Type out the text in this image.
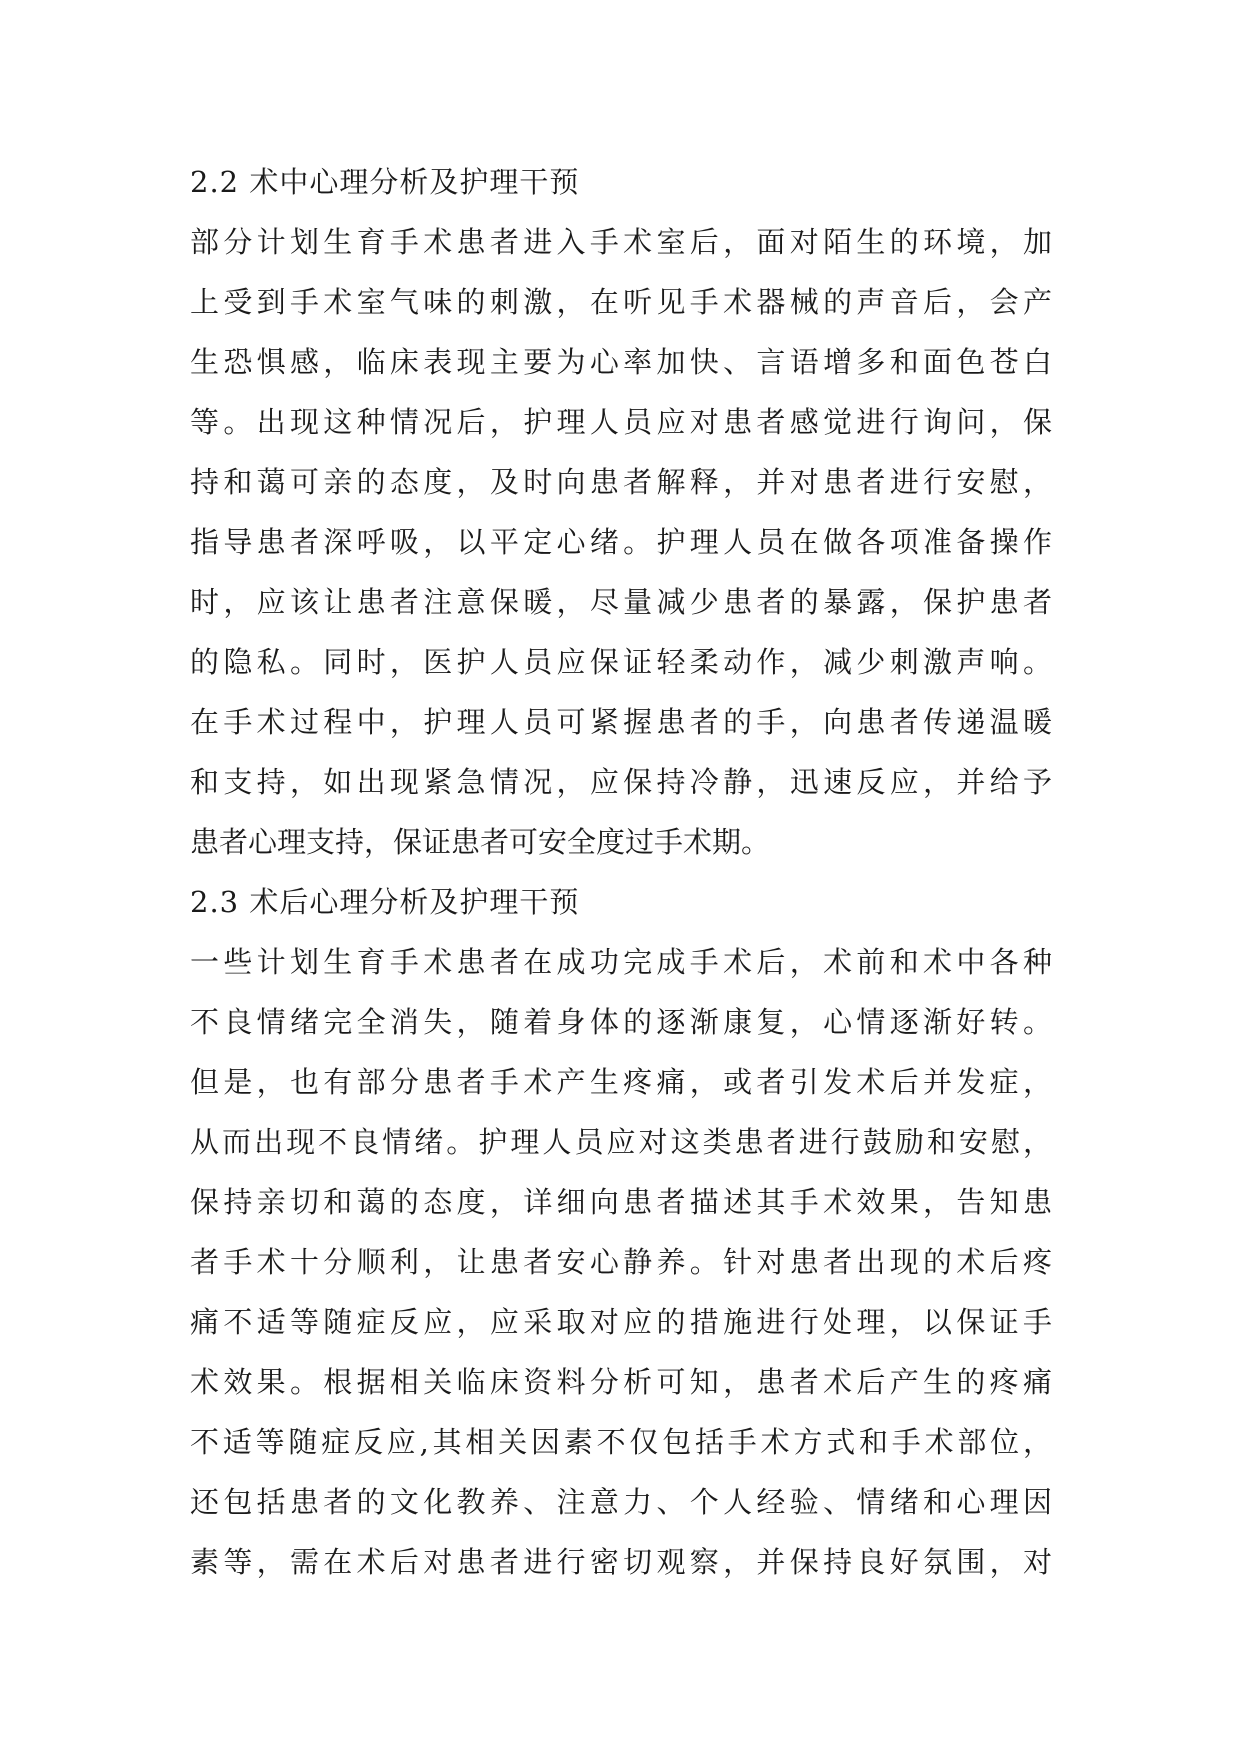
2.2 术中心理分析及护理干预
部分计划生育手术患者进入手术室后，面对陌生的环境，加
上受到手术室气味的刺激，在听见手术器械的声音后，会产
生恐惧感，临床表现主要为心率加快、言语增多和面色苍白
等。出现这种情况后，护理人员应对患者感觉进行询问，保
持和蔼可亲的态度，及时向患者解释，并对患者进行安慰，
指导患者深呼吸，以平定心绪。护理人员在做各项准备操作
时，应该让患者注意保暖，尽量减少患者的暴露，保护患者
的隐私。同时，医护人员应保证轻柔动作，减少刺激声响。
在手术过程中，护理人员可紧握患者的手，向患者传递温暖
和支持，如出现紧急情况，应保持冷静，迅速反应，并给予
患者心理支持，保证患者可安全度过手术期。
2.3 术后心理分析及护理干预
一些计划生育手术患者在成功完成手术后，术前和术中各种
不良情绪完全消失，随着身体的逐渐康复，心情逐渐好转。
但是，也有部分患者手术产生疼痛，或者引发术后并发症，
从而出现不良情绪。护理人员应对这类患者进行鼓励和安慰，
保持亲切和蔼的态度，详细向患者描述其手术效果，告知患
者手术十分顺利，让患者安心静养。针对患者出现的术后疼
痛不适等随症反应，应采取对应的措施进行处理，以保证手
术效果。根据相关临床资料分析可知，患者术后产生的疼痛
不适等随症反应,其相关因素不仅包括手术方式和手术部位，
还包括患者的文化教养、注意力、个人经验、情绪和心理因
素等，需在术后对患者进行密切观察，并保持良好氛围，对
